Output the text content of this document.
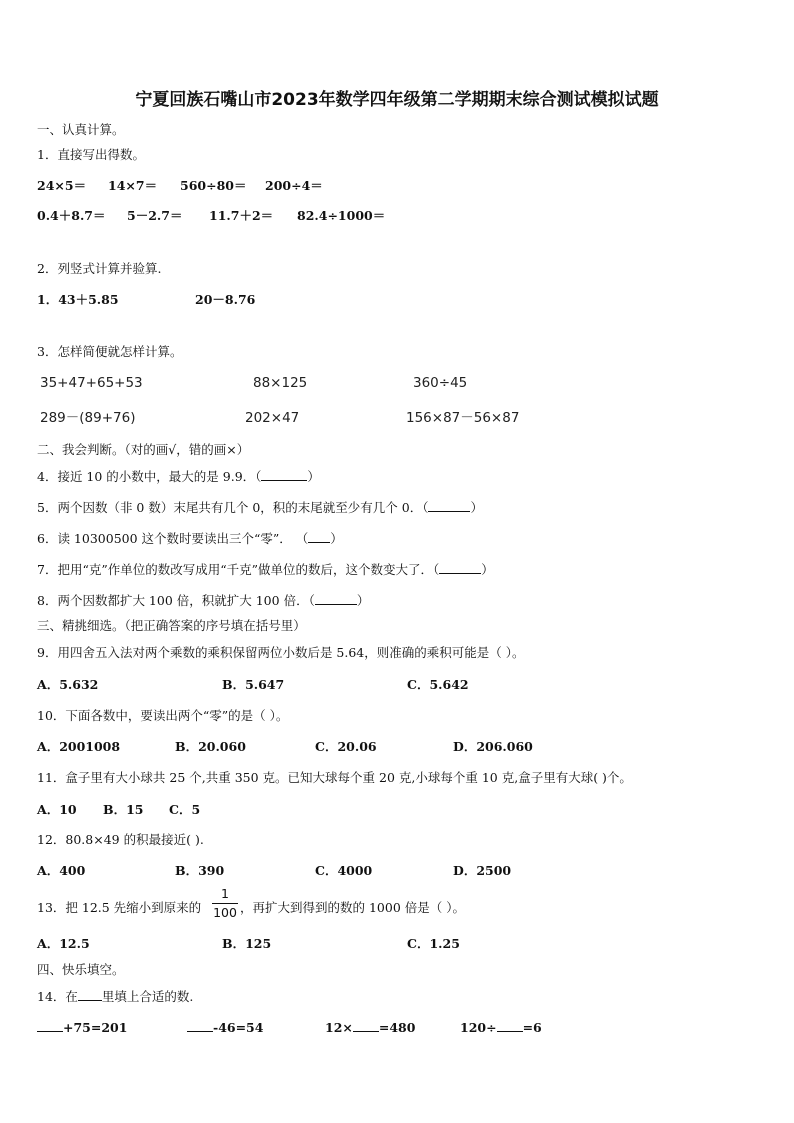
宁夏回族石嘴山市2023年数学四年级第二学期期末综合测试模拟试题
一、认真计算。
1．直接写出得数。
24×5＝ 14×7＝ 560÷80＝ 200÷4＝
0.4＋8.7＝ 5－2.7＝ 11.7＋2＝ 82.4÷1000＝
2．列竖式计算并验算.
1．43＋5.85	20－8.76
3．怎样简便就怎样计算。
35+47+65+53	88×125	360÷45
289－(89+76)	202×47	156×87－56×87
二、我会判断。（对的画√，错的画×）
4．接近 10 的小数中，最大的是 9.9．（	）
5．两个因数（非 0 数）末尾共有几个 0，积的末尾就至少有几个 0．（	）
6．读 10300500 这个数时要读出三个“零”． （ ）
7．把用“克”作单位的数改写成用“千克”做单位的数后，这个数变大了．（	）
8．两个因数都扩大 100 倍，积就扩大 100 倍．（	）
三、精挑细选。（把正确答案的序号填在括号里）
9．用四舍五入法对两个乘数的乘积保留两位小数后是 5.64，则准确的乘积可能是（ ）。
A．5.632	B．5.647	C．5.642
10．下面各数中，要读出两个“零”的是（ ）。
A．2001008	B．20.060	C．20.06	D．206.060
11．盒子里有大小球共 25 个,共重 350 克。已知大球每个重 20 克,小球每个重 10 克,盒子里有大球( )个。
A．10 B．15 C．5
12．80.8×49 的积最接近( ).
A．400	B．390	C．4000	D．2500
13．把 12.5 先缩小到原来的
1
100 ，再扩大到得到的数的 1000 倍是（ ）。
A．12.5	B．125	C．1.25
四、快乐填空。
14．在 里填上合适的数.
+75=201	-46=54	12× =480	120÷ =6
